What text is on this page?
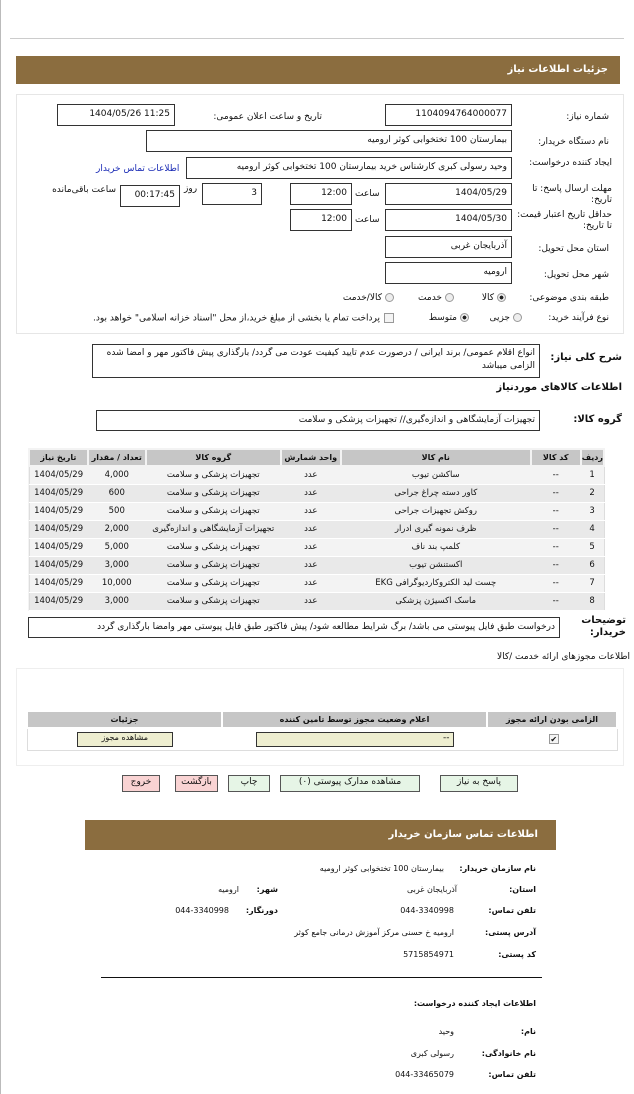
جزئیات اطلاعات نیاز
شماره نیاز:
1104094764000077
تاریخ و ساعت اعلان عمومی:
1404/05/26 11:25
نام دستگاه خریدار:
بیمارستان 100 تختخوابی کوثر ارومیه
ایجاد کننده درخواست:
وحید رسولی کبری کارشناس خرید بیمارستان 100 تختخوابی کوثر ارومیه
اطلاعات تماس خریدار
مهلت ارسال پاسخ: تا تاریخ:
1404/05/29
ساعت
12:00
3
روز
00:17:45
ساعت باقی‌مانده
حداقل تاریخ اعتبار قیمت: تا تاریخ:
1404/05/30
ساعت
12:00
استان محل تحویل:
آذربایجان غربی
شهر محل تحویل:
ارومیه
طبقه بندی موضوعی:
کالا
خدمت
کالا/خدمت
نوع فرآیند خرید:
جزیی
متوسط
پرداخت تمام یا بخشی از مبلغ خرید،از محل "اسناد خزانه اسلامی" خواهد بود.
شرح کلی نیاز:
انواع اقلام عمومی/ برند ایرانی / درصورت عدم تایید کیفیت عودت می گردد/ بارگذاری پیش فاکتور مهر و امضا شده الزامی میباشد
اطلاعات کالاهای موردنیاز
گروه کالا:
تجهیزات آزمایشگاهی و اندازه‌گیری// تجهیزات پزشکی و سلامت
ردیف	کد کالا	نام کالا	واحد شمارش	گروه کالا	تعداد / مقدار	تاریخ نیاز
1	--	ساکشن تیوب	عدد	تجهیزات پزشکی و سلامت	4,000	1404/05/29
2	--	کاور دسته چراغ جراحی	عدد	تجهیزات پزشکی و سلامت	600	1404/05/29
3	--	روکش تجهیزات جراحی	عدد	تجهیزات پزشکی و سلامت	500	1404/05/29
4	--	ظرف نمونه گیری ادرار	عدد	تجهیزات آزمایشگاهی و اندازه‌گیری	2,000	1404/05/29
5	--	کلمپ بند ناف	عدد	تجهیزات پزشکی و سلامت	5,000	1404/05/29
6	--	اکستنشن تیوب	عدد	تجهیزات پزشکی و سلامت	3,000	1404/05/29
7	--	چست لید الکتروکاردیوگرافی EKG	عدد	تجهیزات پزشکی و سلامت	10,000	1404/05/29
8	--	ماسک اکسیژن پزشکی	عدد	تجهیزات پزشکی و سلامت	3,000	1404/05/29
توضیحات خریدار:
درخواست طبق فایل پیوستی می باشد/ برگ شرایط مطالعه شود/ پیش فاکتور طبق فایل پیوستی مهر وامضا بارگذاری گردد
اطلاعات مجوزهای ارائه خدمت /کالا
الزامی بودن ارائه مجوز	اعلام وضعیت مجوز توسط تامین کننده	جزئیات
✔	--	مشاهده مجوز
پاسخ به نیاز
مشاهده مدارک پیوستی (۰)
چاپ
بازگشت
خروج
اطلاعات تماس سازمان خریدار
نام سازمان خریدار:
بیمارستان 100 تختخوابی کوثر ارومیه
استان:
آذربایجان غربی
شهر:
ارومیه
تلفن تماس:
044-3340998
دورنگار:
044-3340998
آدرس پستی:
ارومیه خ حسنی مرکز آموزش درمانی جامع کوثر
کد پستی:
5715854971
اطلاعات ایجاد کننده درخواست:
نام:
وحید
نام خانوادگی:
رسولی کبری
تلفن تماس:
044-33465079
